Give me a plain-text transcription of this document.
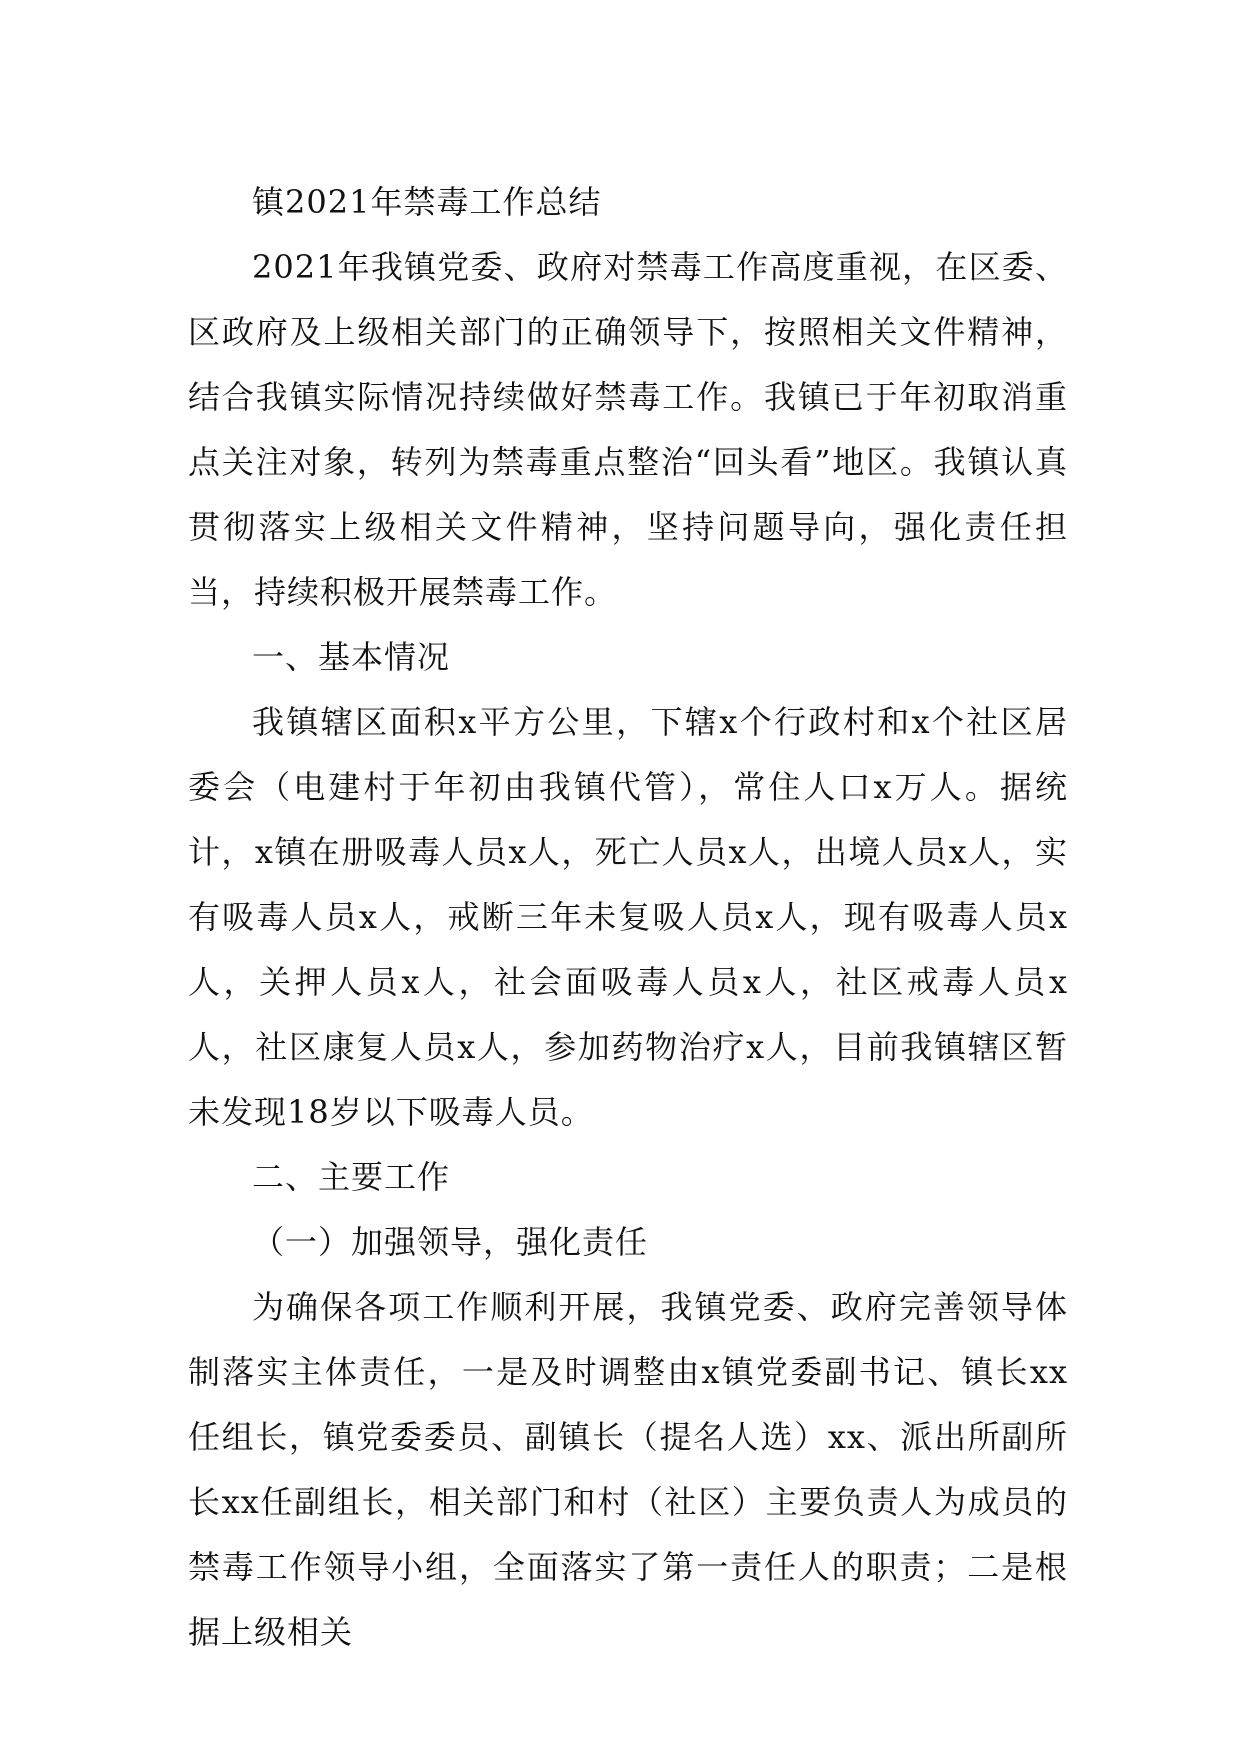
镇2021年禁毒工作总结

2021年我镇党委、政府对禁毒工作高度重视，在区委、区政府及上级相关部门的正确领导下，按照相关文件精神，结合我镇实际情况持续做好禁毒工作。我镇已于年初取消重点关注对象，转列为禁毒重点整治“回头看”地区。我镇认真贯彻落实上级相关文件精神，坚持问题导向，强化责任担当，持续积极开展禁毒工作。

一、基本情况

我镇辖区面积x平方公里，下辖x个行政村和x个社区居委会（电建村于年初由我镇代管），常住人口x万人。据统计，x镇在册吸毒人员x人，死亡人员x人，出境人员x人，实有吸毒人员x人，戒断三年未复吸人员x人，现有吸毒人员x人，关押人员x人，社会面吸毒人员x人，社区戒毒人员x人，社区康复人员x人，参加药物治疗x人，目前我镇辖区暂未发现18岁以下吸毒人员。

二、主要工作

（一）加强领导，强化责任

为确保各项工作顺利开展，我镇党委、政府完善领导体制落实主体责任，一是及时调整由x镇党委副书记、镇长xx任组长，镇党委委员、副镇长（提名人选）xx、派出所副所长xx任副组长，相关部门和村（社区）主要负责人为成员的禁毒工作领导小组，全面落实了第一责任人的职责；二是根据上级相关
